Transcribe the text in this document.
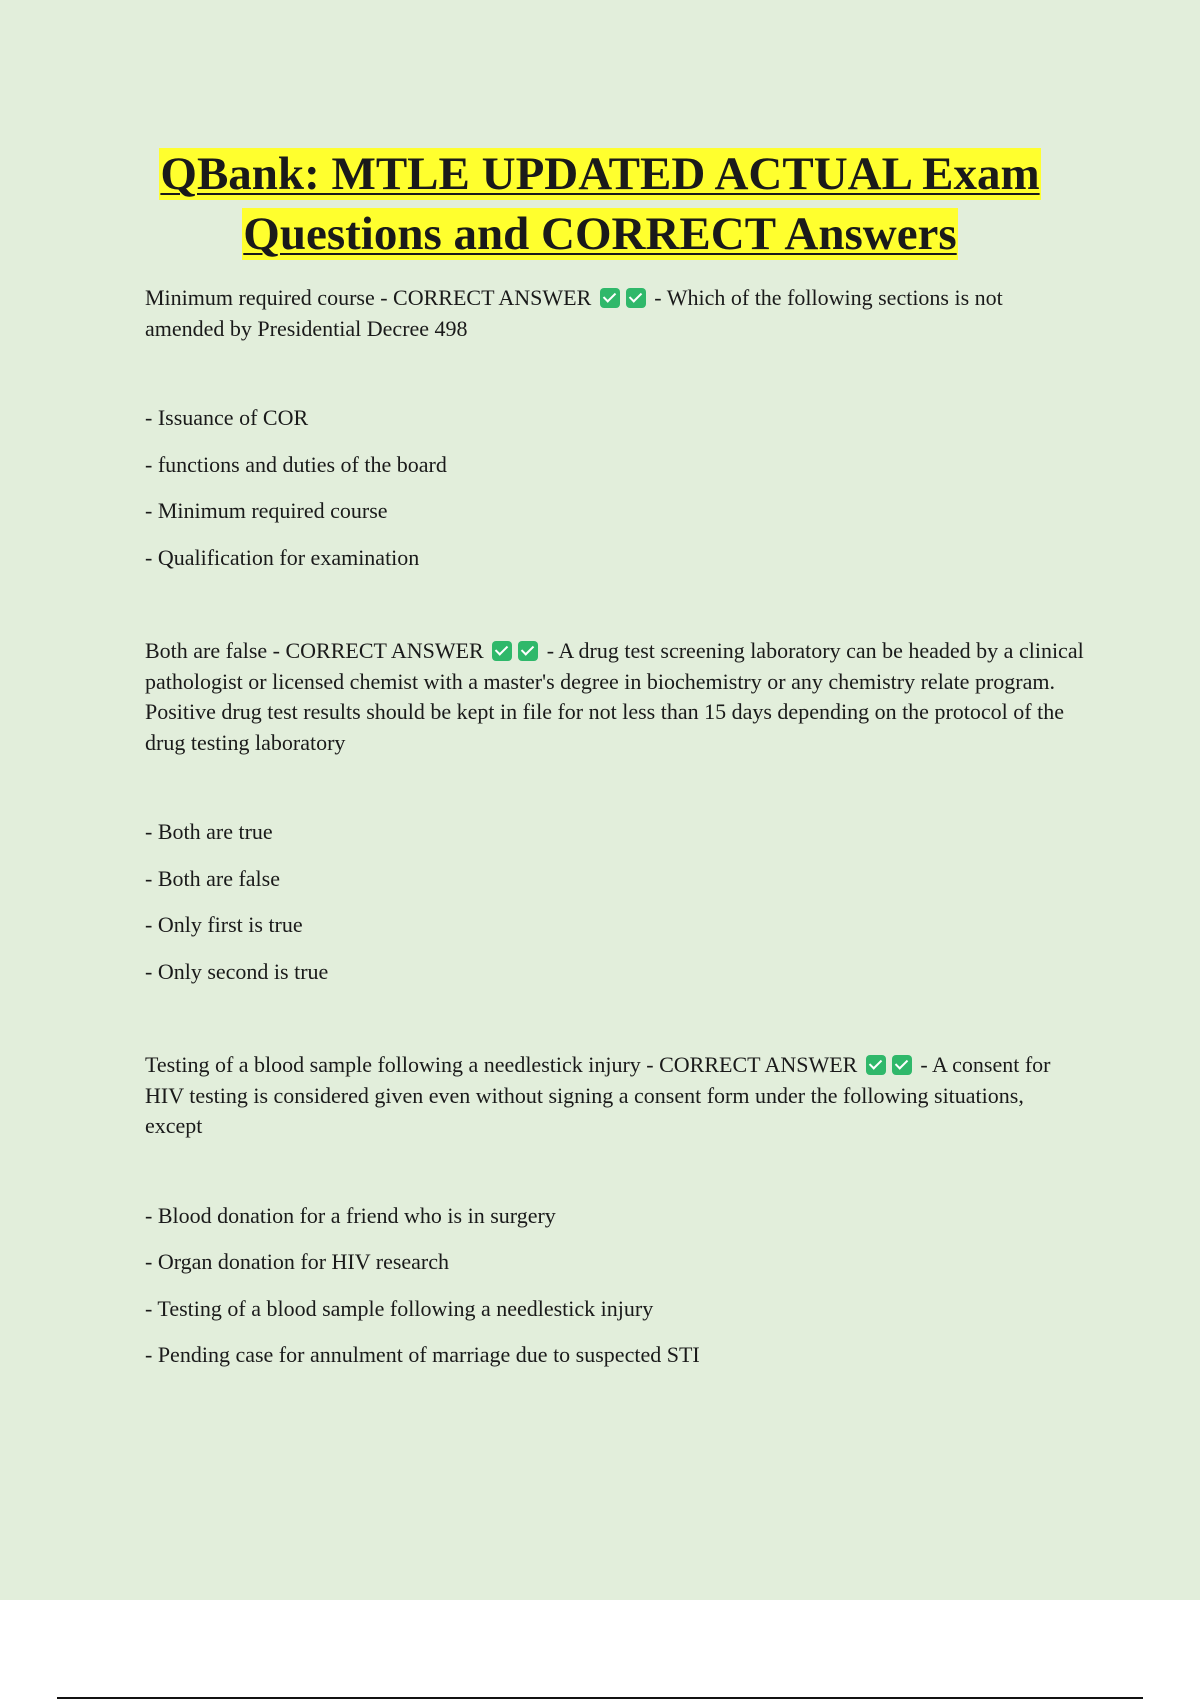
QBank: MTLE UPDATED ACTUAL Exam
Questions and CORRECT Answers

Minimum required course - CORRECT ANSWER	- Which of the following sections is not amended by Presidential Decree 498

- Issuance of COR
- functions and duties of the board
- Minimum required course
- Qualification for examination

Both are false - CORRECT ANSWER	- A drug test screening laboratory can be headed by a clinical pathologist or licensed chemist with a master's degree in biochemistry or any chemistry relate program. Positive drug test results should be kept in file for not less than 15 days depending on the protocol of the drug testing laboratory

- Both are true
- Both are false
- Only first is true
- Only second is true

Testing of a blood sample following a needlestick injury - CORRECT ANSWER	- A consent for HIV testing is considered given even without signing a consent form under the following situations, except

- Blood donation for a friend who is in surgery
- Organ donation for HIV research
- Testing of a blood sample following a needlestick injury
- Pending case for annulment of marriage due to suspected STI
